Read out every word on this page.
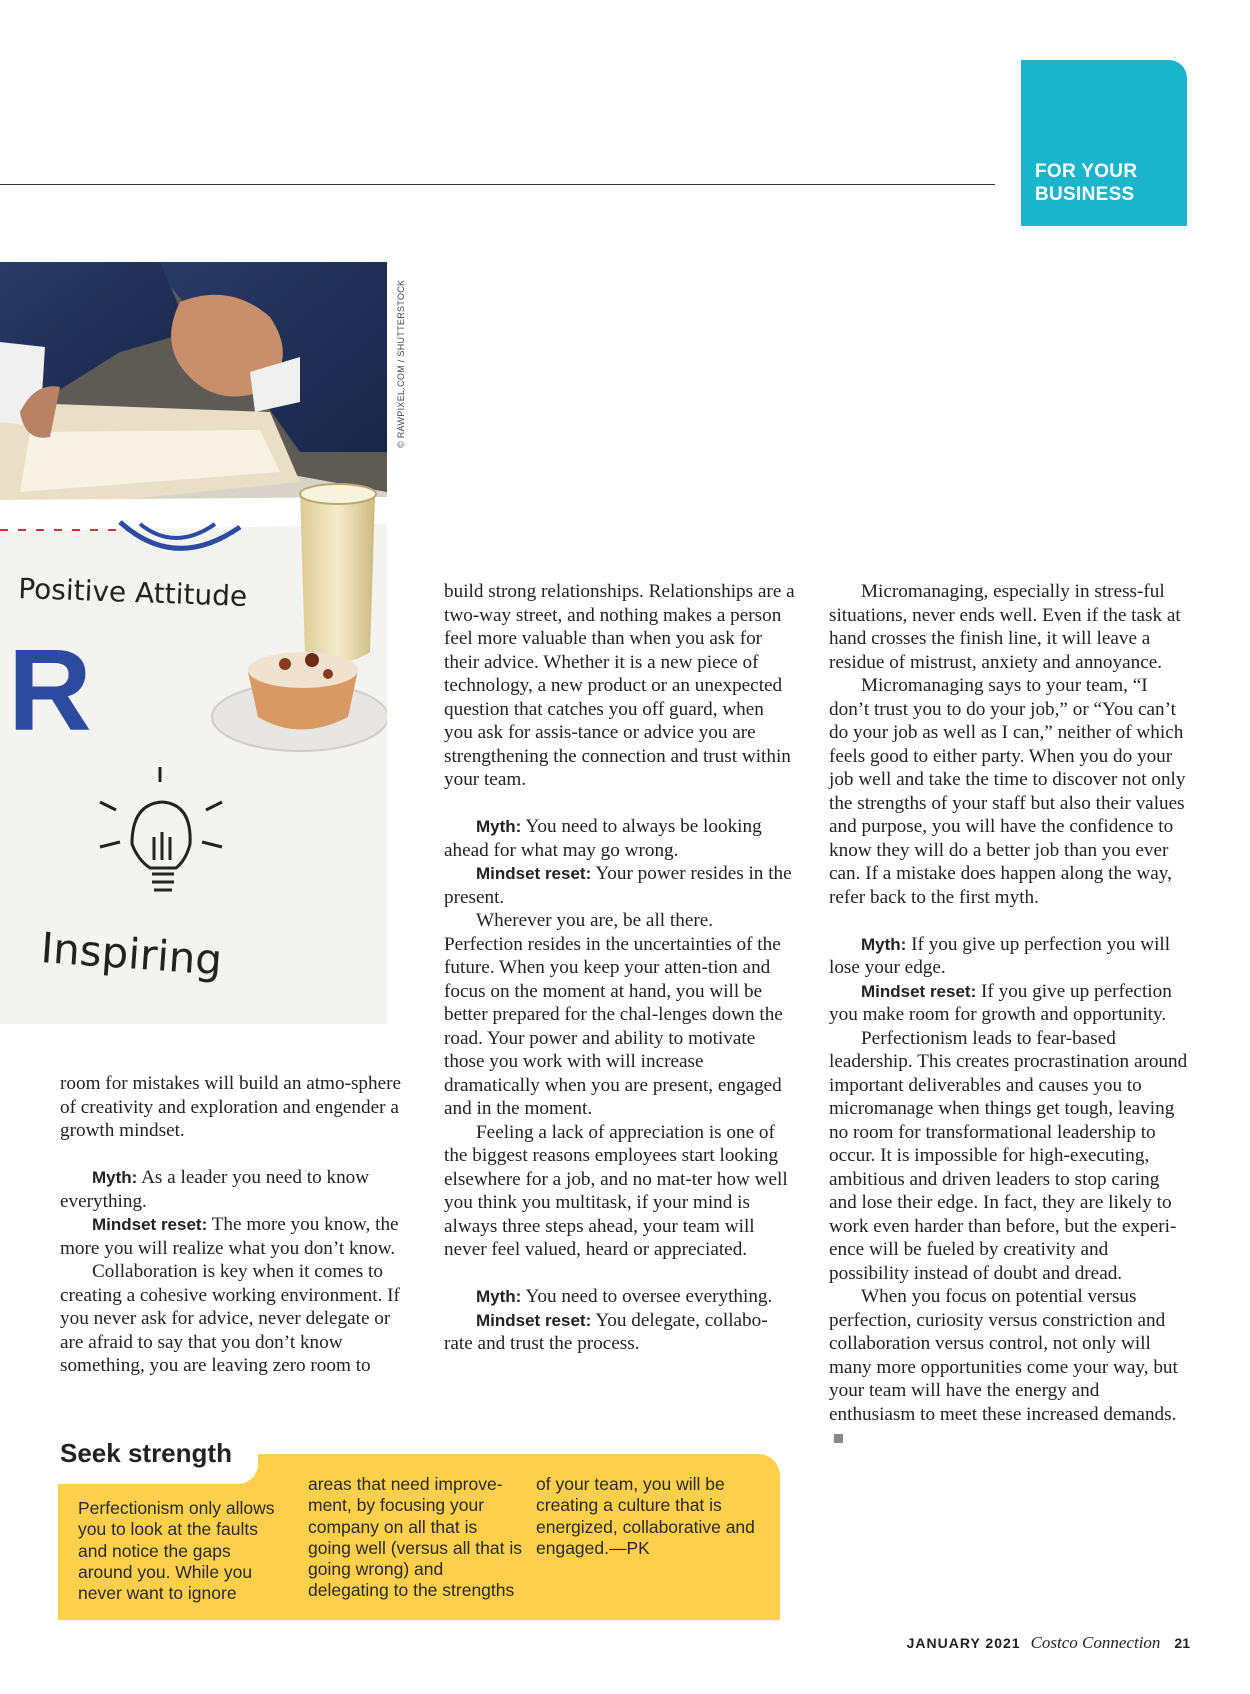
FOR YOUR
BUSINESS
Positive Attitude
R
Inspiring
© RAWPIXEL.COM / SHUTTERSTOCK

room for mistakes will build an atmo-sphere of creativity and exploration and engender a growth mindset.

Myth: As a leader you need to know everything.

Mindset reset: The more you know, the more you will realize what you don’t know.

Collaboration is key when it comes to creating a cohesive working environment. If you never ask for advice, never delegate or are afraid to say that you don’t know something, you are leaving zero room to

build strong relationships. Relationships are a two-way street, and nothing makes a person feel more valuable than when you ask for their advice. Whether it is a new piece of technology, a new product or an unexpected question that catches you off guard, when you ask for assis-tance or advice you are strengthening the connection and trust within your team.

Myth: You need to always be looking ahead for what may go wrong.

Mindset reset: Your power resides in the present.

Wherever you are, be all there. Perfection resides in the uncertainties of the future. When you keep your atten-tion and focus on the moment at hand, you will be better prepared for the chal-lenges down the road. Your power and ability to motivate those you work with will increase dramatically when you are present, engaged and in the moment.

Feeling a lack of appreciation is one of the biggest reasons employees start looking elsewhere for a job, and no mat-ter how well you think you multitask, if your mind is always three steps ahead, your team will never feel valued, heard or appreciated.

Myth: You need to oversee everything.

Mindset reset: You delegate, collabo-rate and trust the process.

Micromanaging, especially in stress-ful situations, never ends well. Even if the task at hand crosses the finish line, it will leave a residue of mistrust, anxiety and annoyance.

Micromanaging says to your team, “I don’t trust you to do your job,” or “You can’t do your job as well as I can,” neither of which feels good to either party. When you do your job well and take the time to discover not only the strengths of your staff but also their values and purpose, you will have the confidence to know they will do a better job than you ever can. If a mistake does happen along the way, refer back to the first myth.

Myth: If you give up perfection you will lose your edge.

Mindset reset: If you give up perfection you make room for growth and opportunity.

Perfectionism leads to fear-based leadership. This creates procrastination around important deliverables and causes you to micromanage when things get tough, leaving no room for transformational leadership to occur. It is impossible for high-executing, ambitious and driven leaders to stop caring and lose their edge. In fact, they are likely to work even harder than before, but the experi-ence will be fueled by creativity and possibility instead of doubt and dread.

When you focus on potential versus perfection, curiosity versus constriction and collaboration versus control, not only will many more opportunities come your way, but your team will have the energy and enthusiasm to meet these increased demands.

Seek strength
Perfectionism only allows you to look at the faults and notice the gaps around you. While you never want to ignore
areas that need improve-ment, by focusing your company on all that is going well (versus all that is going wrong) and delegating to the strengths
of your team, you will be creating a culture that is energized, collaborative and engaged.—PK
JANUARY 2021 Costco Connection 21
